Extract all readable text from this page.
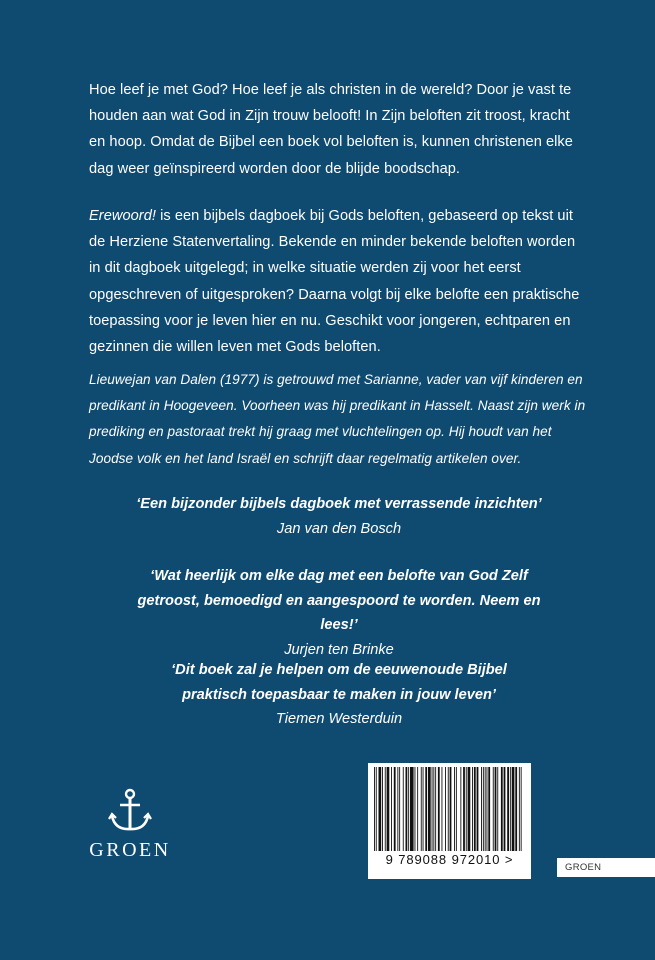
Hoe leef je met God? Hoe leef je als christen in de wereld? Door je vast te houden aan wat God in Zijn trouw belooft! In Zijn beloften zit troost, kracht en hoop. Omdat de Bijbel een boek vol beloften is, kunnen christenen elke dag weer geïnspireerd worden door de blijde boodschap.

Erewoord! is een bijbels dagboek bij Gods beloften, gebaseerd op tekst uit de Herziene Statenvertaling. Bekende en minder bekende beloften worden in dit dagboek uitgelegd; in welke situatie werden zij voor het eerst opgeschreven of uitgesproken? Daarna volgt bij elke belofte een praktische toepassing voor je leven hier en nu. Geschikt voor jongeren, echtparen en gezinnen die willen leven met Gods beloften.

Lieuwejan van Dalen (1977) is getrouwd met Sarianne, vader van vijf kinderen en predikant in Hoogeveen. Voorheen was hij predikant in Hasselt. Naast zijn werk in prediking en pastoraat trekt hij graag met vluchtelingen op. Hij houdt van het Joodse volk en het land Israël en schrijft daar regelmatig artikelen over.

‘Een bijzonder bijbels dagboek met verrassende inzichten’
Jan van den Bosch
‘Wat heerlijk om elke dag met een belofte van God Zelf getroost, bemoedigd en aangespoord te worden. Neem en lees!’
Jurjen ten Brinke
‘Dit boek zal je helpen om de eeuwenoude Bijbel praktisch toepasbaar te maken in jouw leven’
Tiemen Westerduin
GROEN	9 789088 972010 >
GROEN
